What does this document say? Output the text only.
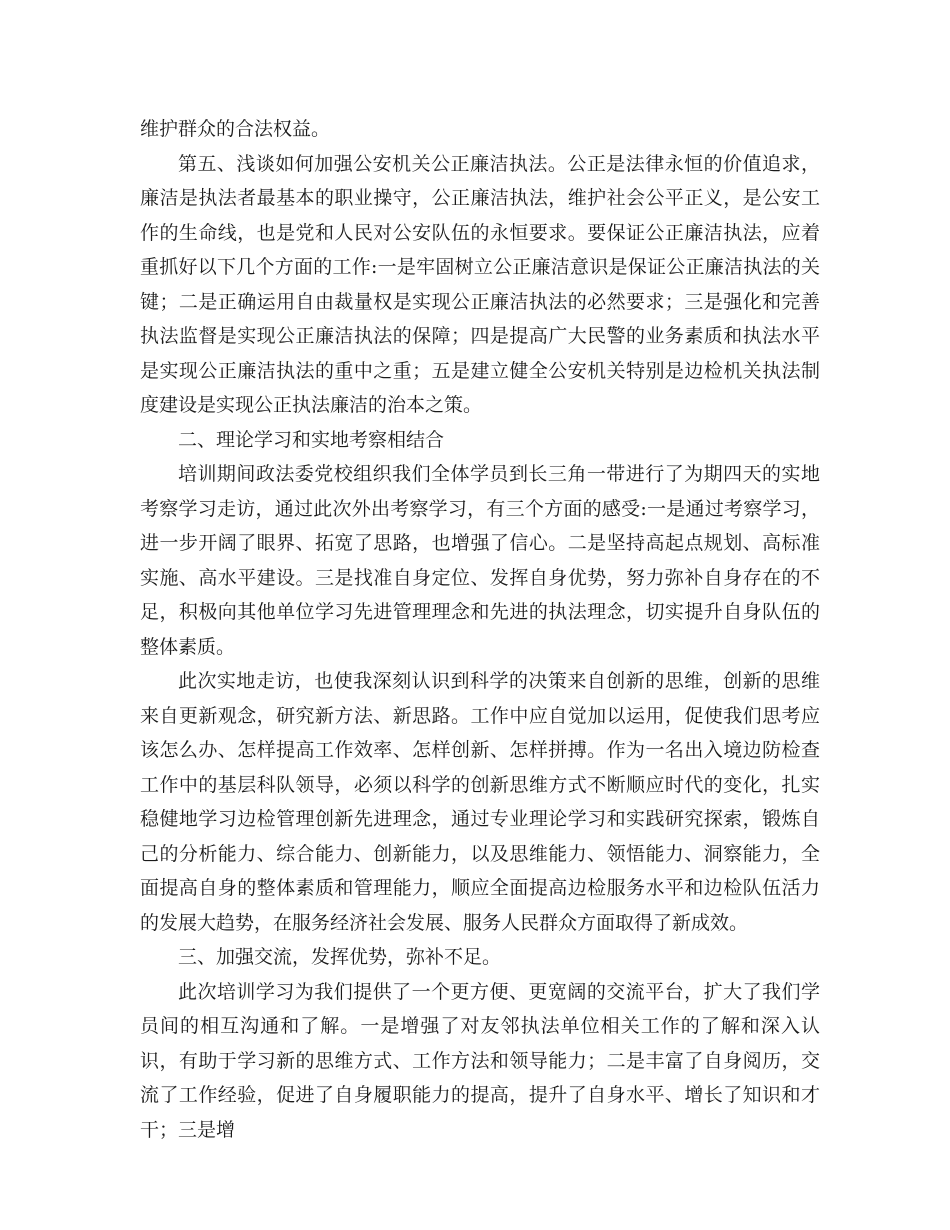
维护群众的合法权益。

第五、浅谈如何加强公安机关公正廉洁执法。公正是法律永恒的价值追求，廉洁是执法者最基本的职业操守，公正廉洁执法，维护社会公平正义，是公安工作的生命线，也是党和人民对公安队伍的永恒要求。要保证公正廉洁执法，应着重抓好以下几个方面的工作:一是牢固树立公正廉洁意识是保证公正廉洁执法的关键；二是正确运用自由裁量权是实现公正廉洁执法的必然要求；三是强化和完善执法监督是实现公正廉洁执法的保障；四是提高广大民警的业务素质和执法水平是实现公正廉洁执法的重中之重；五是建立健全公安机关特别是边检机关执法制度建设是实现公正执法廉洁的治本之策。

二、理论学习和实地考察相结合

培训期间政法委党校组织我们全体学员到长三角一带进行了为期四天的实地考察学习走访，通过此次外出考察学习，有三个方面的感受:一是通过考察学习，进一步开阔了眼界、拓宽了思路，也增强了信心。二是坚持高起点规划、高标准实施、高水平建设。三是找准自身定位、发挥自身优势，努力弥补自身存在的不足，积极向其他单位学习先进管理理念和先进的执法理念，切实提升自身队伍的整体素质。

此次实地走访，也使我深刻认识到科学的决策来自创新的思维，创新的思维来自更新观念，研究新方法、新思路。工作中应自觉加以运用，促使我们思考应该怎么办、怎样提高工作效率、怎样创新、怎样拼搏。作为一名出入境边防检查工作中的基层科队领导，必须以科学的创新思维方式不断顺应时代的变化，扎实稳健地学习边检管理创新先进理念，通过专业理论学习和实践研究探索，锻炼自己的分析能力、综合能力、创新能力，以及思维能力、领悟能力、洞察能力，全面提高自身的整体素质和管理能力，顺应全面提高边检服务水平和边检队伍活力的发展大趋势，在服务经济社会发展、服务人民群众方面取得了新成效。

三、加强交流，发挥优势，弥补不足。

此次培训学习为我们提供了一个更方便、更宽阔的交流平台，扩大了我们学员间的相互沟通和了解。一是增强了对友邻执法单位相关工作的了解和深入认识，有助于学习新的思维方式、工作方法和领导能力；二是丰富了自身阅历，交流了工作经验，促进了自身履职能力的提高，提升了自身水平、增长了知识和才干；三是增
